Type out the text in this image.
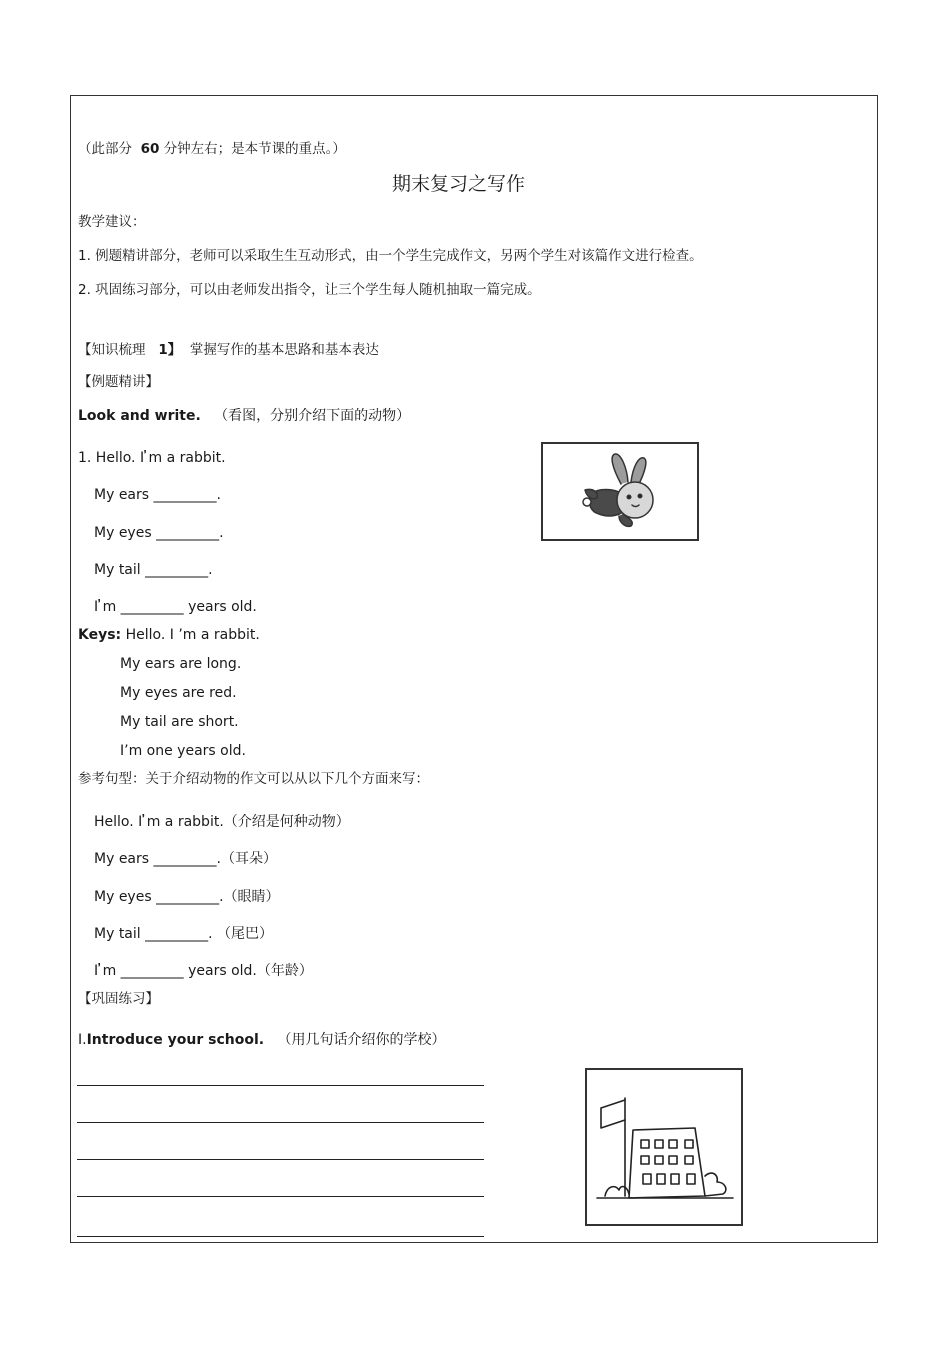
（此部分 60 分钟左右；是本节课的重点。）
期末复习之写作
教学建议：
1. 例题精讲部分，老师可以采取生生互动形式，由一个学生完成作文，另两个学生对该篇作文进行检查。
2. 巩固练习部分，可以由老师发出指令，让三个学生每人随机抽取一篇完成。
【知识梳理 1】 掌握写作的基本思路和基本表达
【例题精讲】
Look and write. （看图，分别介绍下面的动物）
1. Hello. I ̓m a rabbit.
My ears _________.
My eyes _________.
My tail _________.
I ̓m _________ years old.
Keys: Hello. I ’m a rabbit.
My ears are long.
My eyes are red.
My tail are short.
I’m one years old.
参考句型：关于介绍动物的作文可以从以下几个方面来写：
Hello. I ̓m a rabbit.（介绍是何种动物）
My ears _________.（耳朵）
My eyes _________.（眼睛）
My tail _________. （尾巴）
I ̓m _________ years old.（年龄）
【巩固练习】
Ⅰ.Introduce your school. （用几句话介绍你的学校）
